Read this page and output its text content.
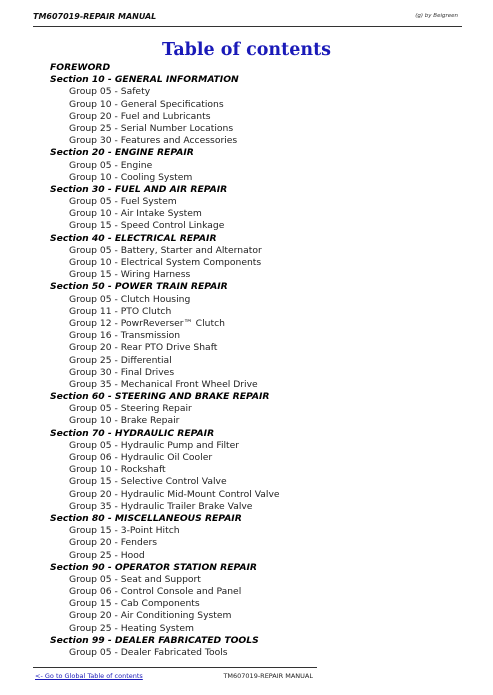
TM607019-REPAIR MANUAL	(g) by Beigreen
Table of contents
FOREWORD
Section 10 - GENERAL INFORMATION
Group 05 - Safety
Group 10 - General Specifications
Group 20 - Fuel and Lubricants
Group 25 - Serial Number Locations
Group 30 - Features and Accessories
Section 20 - ENGINE REPAIR
Group 05 - Engine
Group 10 - Cooling System
Section 30 - FUEL AND AIR REPAIR
Group 05 - Fuel System
Group 10 - Air Intake System
Group 15 - Speed Control Linkage
Section 40 - ELECTRICAL REPAIR
Group 05 - Battery, Starter and Alternator
Group 10 - Electrical System Components
Group 15 - Wiring Harness
Section 50 - POWER TRAIN REPAIR
Group 05 - Clutch Housing
Group 11 - PTO Clutch
Group 12 - PowrReverser™ Clutch
Group 16 - Transmission
Group 20 - Rear PTO Drive Shaft
Group 25 - Differential
Group 30 - Final Drives
Group 35 - Mechanical Front Wheel Drive
Section 60 - STEERING AND BRAKE REPAIR
Group 05 - Steering Repair
Group 10 - Brake Repair
Section 70 - HYDRAULIC REPAIR
Group 05 - Hydraulic Pump and Filter
Group 06 - Hydraulic Oil Cooler
Group 10 - Rockshaft
Group 15 - Selective Control Valve
Group 20 - Hydraulic Mid-Mount Control Valve
Group 35 - Hydraulic Trailer Brake Valve
Section 80 - MISCELLANEOUS REPAIR
Group 15 - 3-Point Hitch
Group 20 - Fenders
Group 25 - Hood
Section 90 - OPERATOR STATION REPAIR
Group 05 - Seat and Support
Group 06 - Control Console and Panel
Group 15 - Cab Components
Group 20 - Air Conditioning System
Group 25 - Heating System
Section 99 - DEALER FABRICATED TOOLS
Group 05 - Dealer Fabricated Tools
<- Go to Global Table of contents	TM607019-REPAIR MANUAL
